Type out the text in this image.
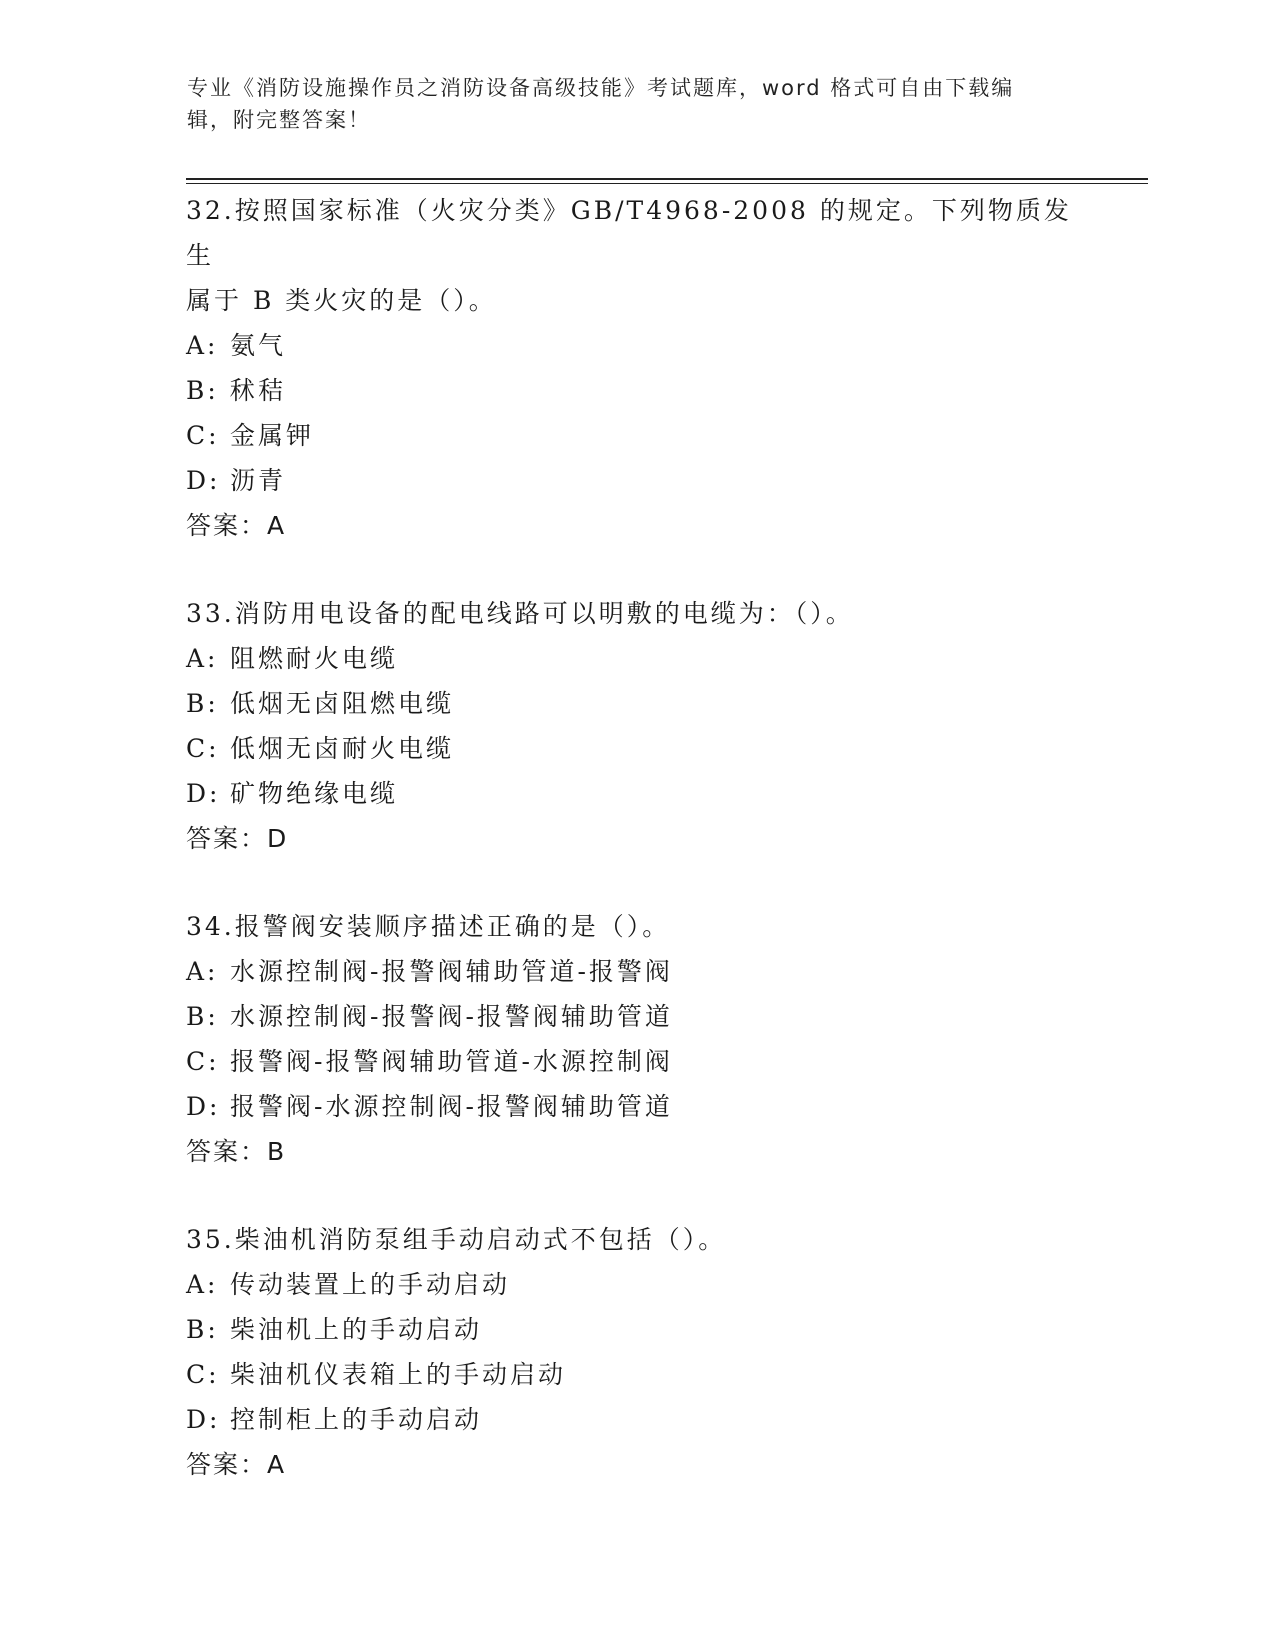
专业《消防设施操作员之消防设备高级技能》考试题库，word 格式可自由下载编
辑，附完整答案！

32.按照国家标准（火灾分类》GB/T4968-2008 的规定。下列物质发生
属于 B 类火灾的是（）。

A: 氨气

B: 秫秸

C: 金属钾

D: 沥青

答案：A

33.消防用电设备的配电线路可以明敷的电缆为：（）。

A: 阻燃耐火电缆

B: 低烟无卤阻燃电缆

C: 低烟无卤耐火电缆

D: 矿物绝缘电缆

答案：D

34.报警阀安装顺序描述正确的是（）。

A: 水源控制阀-报警阀辅助管道-报警阀

B: 水源控制阀-报警阀-报警阀辅助管道

C: 报警阀-报警阀辅助管道-水源控制阀

D: 报警阀-水源控制阀-报警阀辅助管道

答案：B

35.柴油机消防泵组手动启动式不包括（）。

A: 传动装置上的手动启动

B: 柴油机上的手动启动

C: 柴油机仪表箱上的手动启动

D: 控制柜上的手动启动

答案：A
